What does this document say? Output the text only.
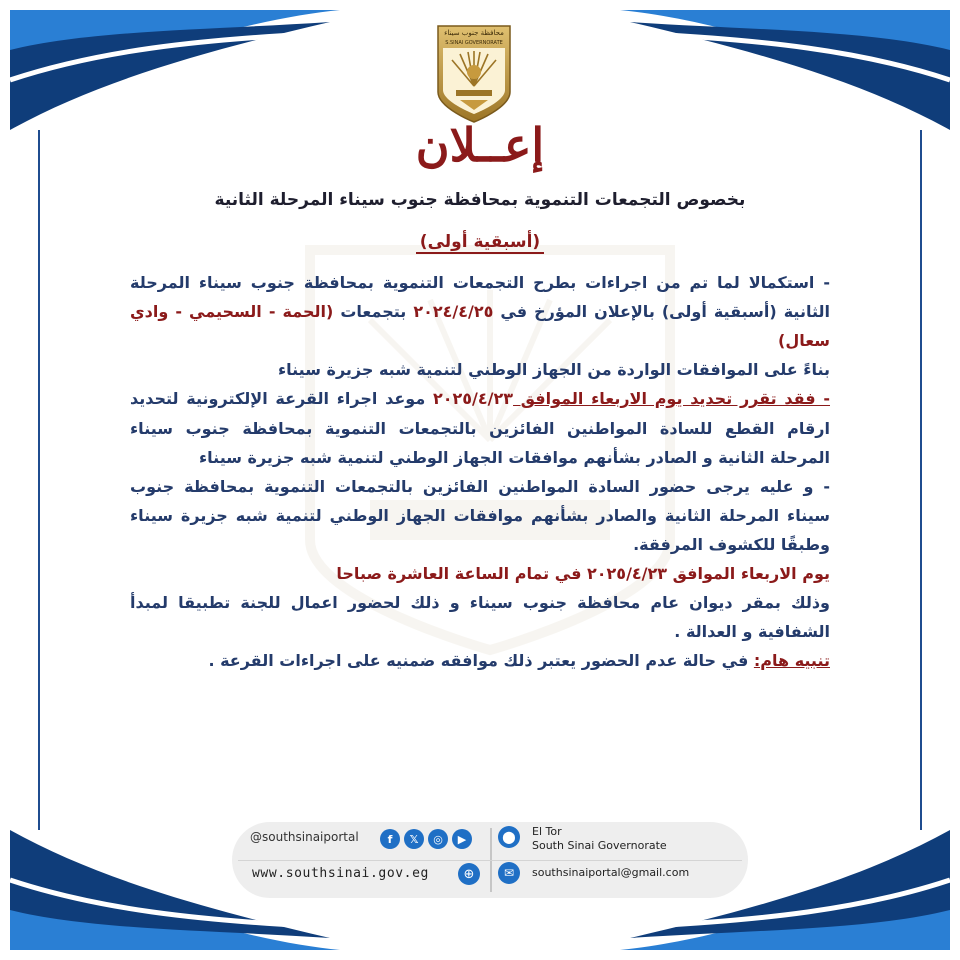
محافظة جنوب سيناء
S.SINAI GOVERNORATE
إعــلان
بخصوص التجمعات التنموية بمحافظة جنوب سيناء المرحلة الثانية
(أسبقية أولى)

- استكمالا لما تم من اجراءات بطرح التجمعات التنموية بمحافظة جنوب سيناء المرحلة الثانية (أسبقية أولى) بالإعلان المؤرخ في ٢٠٢٤/٤/٢٥ بتجمعات (الحمة - السحيمي - وادي سعال)

بناءً على الموافقات الواردة من الجهاز الوطني لتنمية شبه جزيرة سيناء

- فقد تقرر تحديد يوم الاربعاء الموافق ٢٠٢٥/٤/٢٣ موعد اجراء القرعة الإلكترونية لتحديد ارقام القطع للسادة المواطنين الفائزين بالتجمعات التنموية بمحافظة جنوب سيناء المرحلة الثانية و الصادر بشأنهم موافقات الجهاز الوطني لتنمية شبه جزيرة سيناء

- و عليه يرجى حضور السادة المواطنين الفائزين بالتجمعات التنموية بمحافظة جنوب سيناء المرحلة الثانية والصادر بشأنهم موافقات الجهاز الوطني لتنمية شبه جزيرة سيناء وطبقًا للكشوف المرفقة.

يوم الاربعاء الموافق ٢٠٢٥/٤/٢٣ في تمام الساعة العاشرة صباحا

وذلك بمقر ديوان عام محافظة جنوب سيناء و ذلك لحضور اعمال للجنة تطبيقا لمبدأ الشفافية و العدالة .

تنبيه هام: في حالة عدم الحضور يعتبر ذلك موافقه ضمنيه على اجراءات القرعة .

@southsinaiportal	f	𝕏	◎	▶
www.southsinai.gov.eg	⊕
⬤	El Tor
South Sinai Governorate
✉	southsinaiportal@gmail.com
